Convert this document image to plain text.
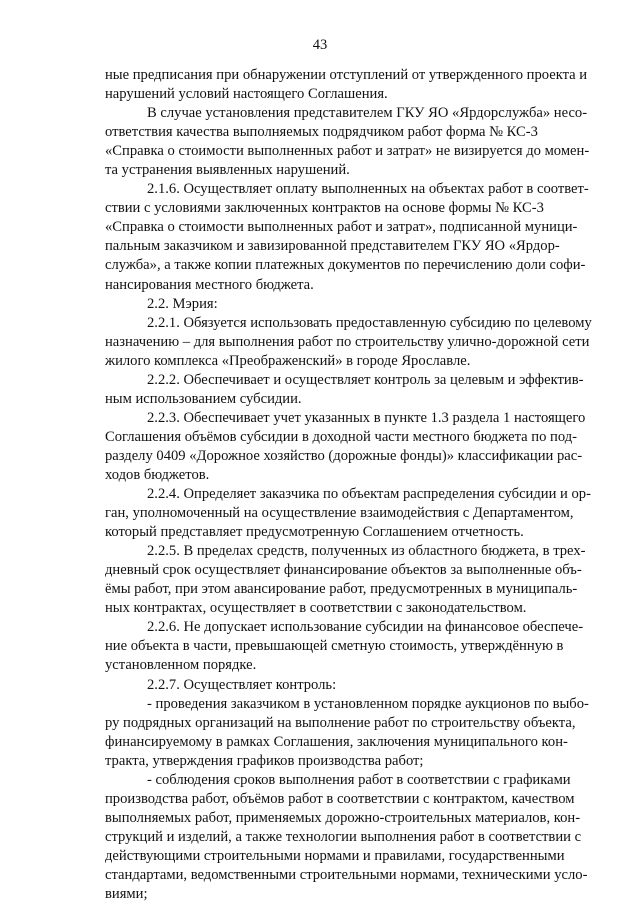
43
ные предписания при обнаружении отступлений от утвержденного проекта и
нарушений условий настоящего Соглашения.
В случае установления представителем ГКУ ЯО «Ярдорслужба» несо-
ответствия качества выполняемых подрядчиком работ форма № КС-3
«Справка о стоимости выполненных работ и затрат» не визируется до момен-
та устранения выявленных нарушений.
2.1.6. Осуществляет оплату выполненных на объектах работ в соответ-
ствии с условиями заключенных контрактов на основе формы № КС-3
«Справка о стоимости выполненных работ и затрат», подписанной муници-
пальным заказчиком и завизированной представителем ГКУ ЯО «Ярдор-
служба», а также копии платежных документов по перечислению доли софи-
нансирования местного бюджета.
2.2. Мэрия:
2.2.1. Обязуется использовать предоставленную субсидию по целевому
назначению – для выполнения работ по строительству улично-дорожной сети
жилого комплекса «Преображенский» в городе Ярославле.
2.2.2. Обеспечивает и осуществляет контроль за целевым и эффектив-
ным использованием субсидии.
2.2.3. Обеспечивает учет указанных в пункте 1.3 раздела 1 настоящего
Соглашения объёмов субсидии в доходной части местного бюджета по под-
разделу 0409 «Дорожное хозяйство (дорожные фонды)» классификации рас-
ходов бюджетов.
2.2.4. Определяет заказчика по объектам распределения субсидии и ор-
ган, уполномоченный на осуществление взаимодействия с Департаментом,
который представляет предусмотренную Соглашением отчетность.
2.2.5. В пределах средств, полученных из областного бюджета, в трех-
дневный срок осуществляет финансирование объектов за выполненные объ-
ёмы работ, при этом авансирование работ, предусмотренных в муниципаль-
ных контрактах, осуществляет в соответствии с законодательством.
2.2.6. Не допускает использование субсидии на финансовое обеспече-
ние объекта в части, превышающей сметную стоимость, утверждённую в
установленном порядке.
2.2.7. Осуществляет контроль:
- проведения заказчиком в установленном порядке аукционов по выбо-
ру подрядных организаций на выполнение работ по строительству объекта,
финансируемому в рамках Соглашения, заключения муниципального кон-
тракта, утверждения графиков производства работ;
- соблюдения сроков выполнения работ в соответствии с графиками
производства работ, объёмов работ в соответствии с контрактом, качеством
выполняемых работ, применяемых дорожно-строительных материалов, кон-
струкций и изделий, а также технологии выполнения работ в соответствии с
действующими строительными нормами и правилами, государственными
стандартами, ведомственными строительными нормами, техническими усло-
виями;
